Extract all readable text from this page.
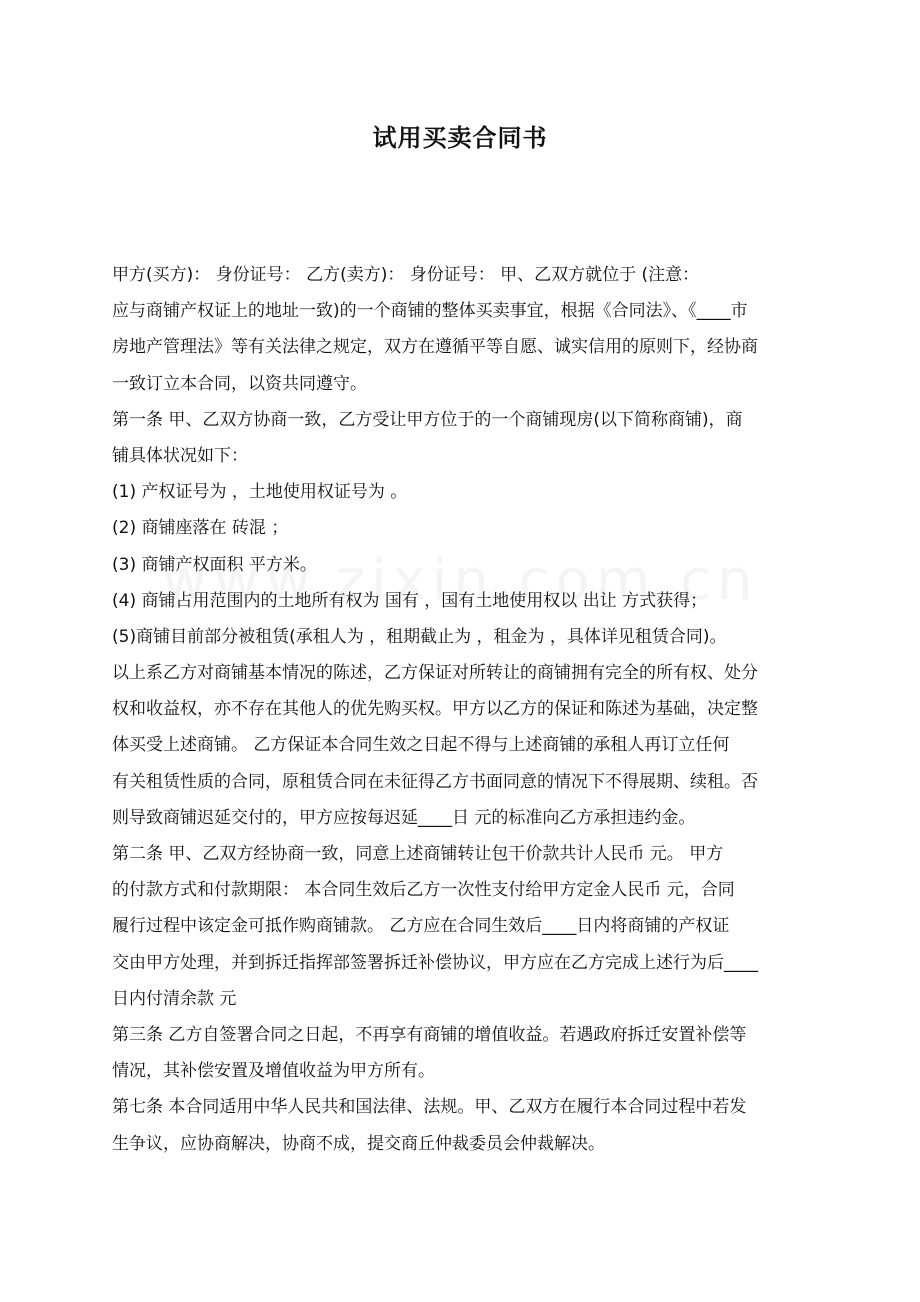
试用买卖合同书
甲方(买方)： 身份证号： 乙方(卖方)： 身份证号： 甲、乙双方就位于 (注意：
应与商铺产权证上的地址一致)的一个商铺的整体买卖事宜，根据《合同法》、《____市
房地产管理法》等有关法律之规定，双方在遵循平等自愿、诚实信用的原则下，经协商
一致订立本合同，以资共同遵守。
第一条 甲、乙双方协商一致，乙方受让甲方位于的一个商铺现房(以下简称商铺)，商
铺具体状况如下：
(1) 产权证号为 ，土地使用权证号为 。
(2) 商铺座落在 砖混 ；
(3) 商铺产权面积 平方米。
(4) 商铺占用范围内的土地所有权为 国有 ，国有土地使用权以 出让 方式获得；
(5)商铺目前部分被租赁(承租人为 ，租期截止为 ，租金为 ，具体详见租赁合同)。
以上系乙方对商铺基本情况的陈述，乙方保证对所转让的商铺拥有完全的所有权、处分
权和收益权，亦不存在其他人的优先购买权。甲方以乙方的保证和陈述为基础，决定整
体买受上述商铺。 乙方保证本合同生效之日起不得与上述商铺的承租人再订立任何
有关租赁性质的合同，原租赁合同在未征得乙方书面同意的情况下不得展期、续租。否
则导致商铺迟延交付的，甲方应按每迟延____日 元的标准向乙方承担违约金。
第二条 甲、乙双方经协商一致，同意上述商铺转让包干价款共计人民币 元。 甲方
的付款方式和付款期限： 本合同生效后乙方一次性支付给甲方定金人民币 元，合同
履行过程中该定金可抵作购商铺款。 乙方应在合同生效后____日内将商铺的产权证
交由甲方处理，并到拆迁指挥部签署拆迁补偿协议，甲方应在乙方完成上述行为后____
日内付清余款 元
第三条 乙方自签署合同之日起，不再享有商铺的增值收益。若遇政府拆迁安置补偿等
情况，其补偿安置及增值收益为甲方所有。
第七条 本合同适用中华人民共和国法律、法规。甲、乙双方在履行本合同过程中若发
生争议，应协商解决，协商不成，提交商丘仲裁委员会仲裁解决。
